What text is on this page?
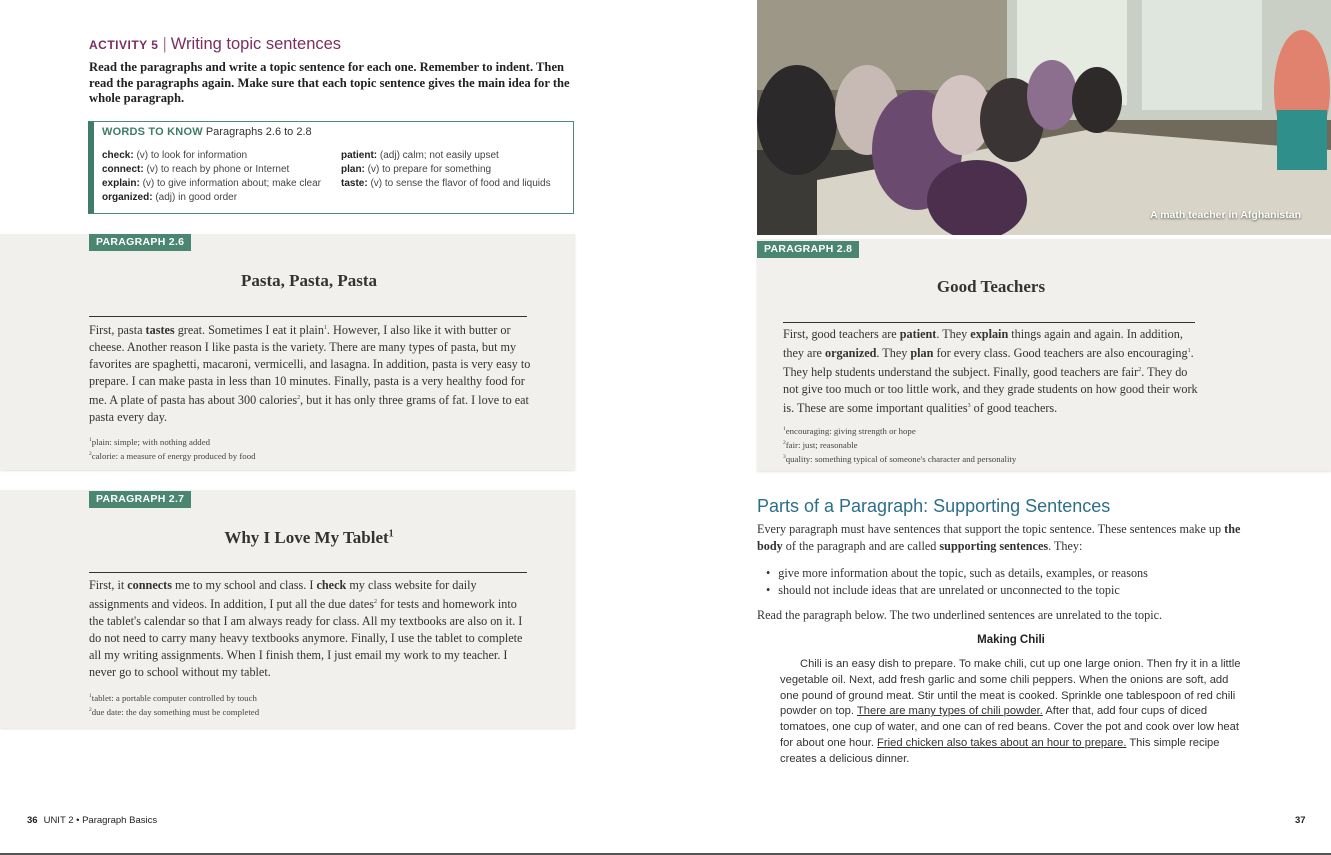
ACTIVITY 5 | Writing topic sentences
Read the paragraphs and write a topic sentence for each one. Remember to indent. Then read the paragraphs again. Make sure that each topic sentence gives the main idea for the whole paragraph.
WORDS TO KNOW Paragraphs 2.6 to 2.8
check: (v) to look for information
connect: (v) to reach by phone or Internet
explain: (v) to give information about; make clear
organized: (adj) in good order
patient: (adj) calm; not easily upset
plan: (v) to prepare for something
taste: (v) to sense the flavor of food and liquids
PARAGRAPH 2.6
Pasta, Pasta, Pasta
First, pasta tastes great. Sometimes I eat it plain$^1$. However, I also like it with butter or cheese. Another reason I like pasta is the variety. There are many types of pasta, but my favorites are spaghetti, macaroni, vermicelli, and lasagna. In addition, pasta is very easy to prepare. I can make pasta in less than 10 minutes. Finally, pasta is a very healthy food for me. A plate of pasta has about 300 calories$^2$, but it has only three grams of fat. I love to eat pasta every day.
$^1$plain: simple; with nothing added
$^2$calorie: a measure of energy produced by food
PARAGRAPH 2.7
Why I Love My Tablet$^1$
First, it connects me to my school and class. I check my class website for daily assignments and videos. In addition, I put all the due dates$^2$ for tests and homework into the tablet's calendar so that I am always ready for class. All my textbooks are also on it. I do not need to carry many heavy textbooks anymore. Finally, I use the tablet to complete all my writing assignments. When I finish them, I just email my work to my teacher. I never go to school without my tablet.
$^1$tablet: a portable computer controlled by touch
$^2$due date: the day something must be completed
A math teacher in Afghanistan
PARAGRAPH 2.8
Good Teachers
First, good teachers are patient. They explain things again and again. In addition, they are organized. They plan for every class. Good teachers are also encouraging$^1$. They help students understand the subject. Finally, good teachers are fair$^2$. They do not give too much or too little work, and they grade students on how good their work is. These are some important qualities$^3$ of good teachers.
$^1$encouraging: giving strength or hope
$^2$fair: just; reasonable
$^3$quality: something typical of someone's character and personality
Parts of a Paragraph: Supporting Sentences
Every paragraph must have sentences that support the topic sentence. These sentences make up the body of the paragraph and are called supporting sentences. They:
• give more information about the topic, such as details, examples, or reasons
• should not include ideas that are unrelated or unconnected to the topic
Read the paragraph below. The two underlined sentences are unrelated to the topic.
Making Chili
Chili is an easy dish to prepare. To make chili, cut up one large onion. Then fry it in a little vegetable oil. Next, add fresh garlic and some chili peppers. When the onions are soft, add one pound of ground meat. Stir until the meat is cooked. Sprinkle one tablespoon of red chili powder on top. There are many types of chili powder. After that, add four cups of diced tomatoes, one cup of water, and one can of red beans. Cover the pot and cook over low heat for about one hour. Fried chicken also takes about an hour to prepare. This simple recipe creates a delicious dinner.
36 UNIT 2 • Paragraph Basics	37
